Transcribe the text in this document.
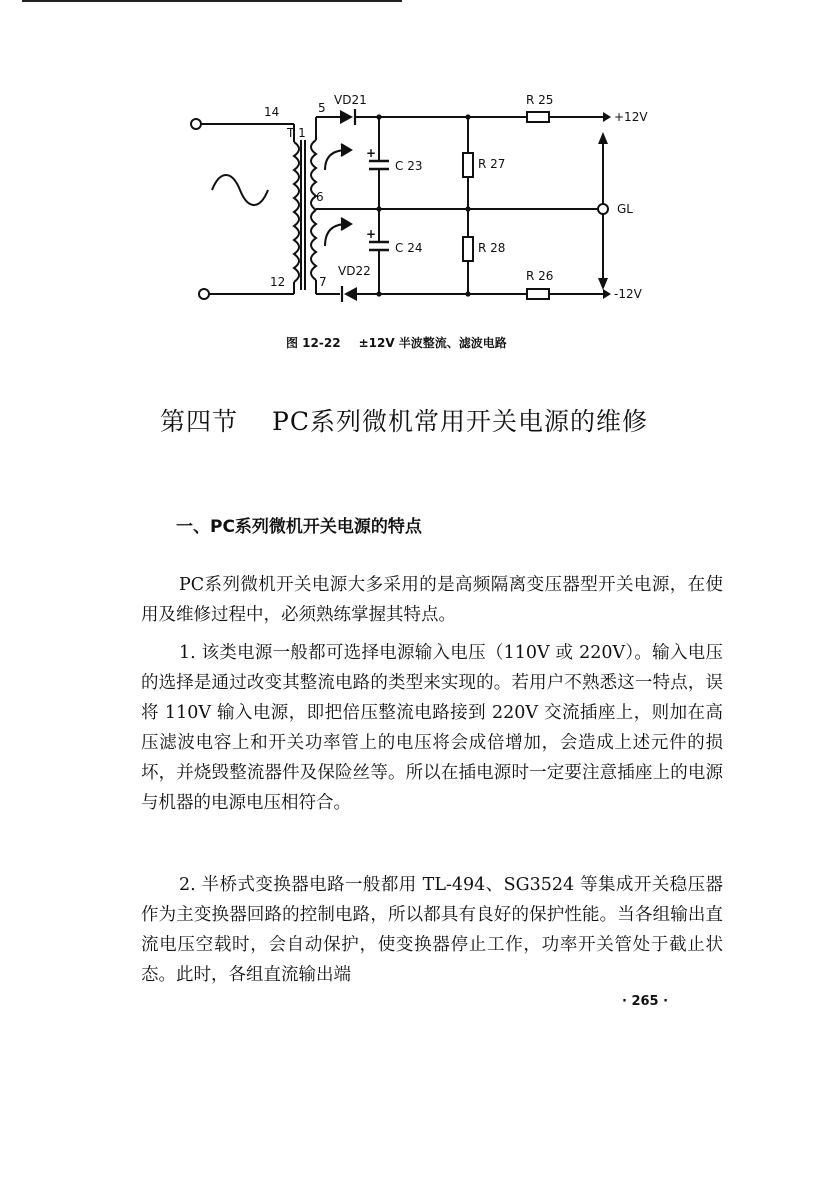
14
12
T 1
5
6
7
VD21
VD22
+
+
C 23
C 24
R 27
R 28
R 25
R 26
+12V
-12V
GL
图 12-22 ±12V 半波整流、滤波电路
第四节 PC系列微机常用开关电源的维修
一、PC系列微机开关电源的特点

PC系列微机开关电源大多采用的是高频隔离变压器型开关电源，在使用及维修过程中，必须熟练掌握其特点。

1. 该类电源一般都可选择电源输入电压（110V 或 220V）。输入电压的选择是通过改变其整流电路的类型来实现的。若用户不熟悉这一特点，误将 110V 输入电源，即把倍压整流电路接到 220V 交流插座上，则加在高压滤波电容上和开关功率管上的电压将会成倍增加，会造成上述元件的损坏，并烧毁整流器件及保险丝等。所以在插电源时一定要注意插座上的电源与机器的电源电压相符合。

2. 半桥式变换器电路一般都用 TL-494、SG3524 等集成开关稳压器作为主变换器回路的控制电路，所以都具有良好的保护性能。当各组输出直流电压空载时，会自动保护，使变换器停止工作，功率开关管处于截止状态。此时，各组直流输出端

· 265 ·
